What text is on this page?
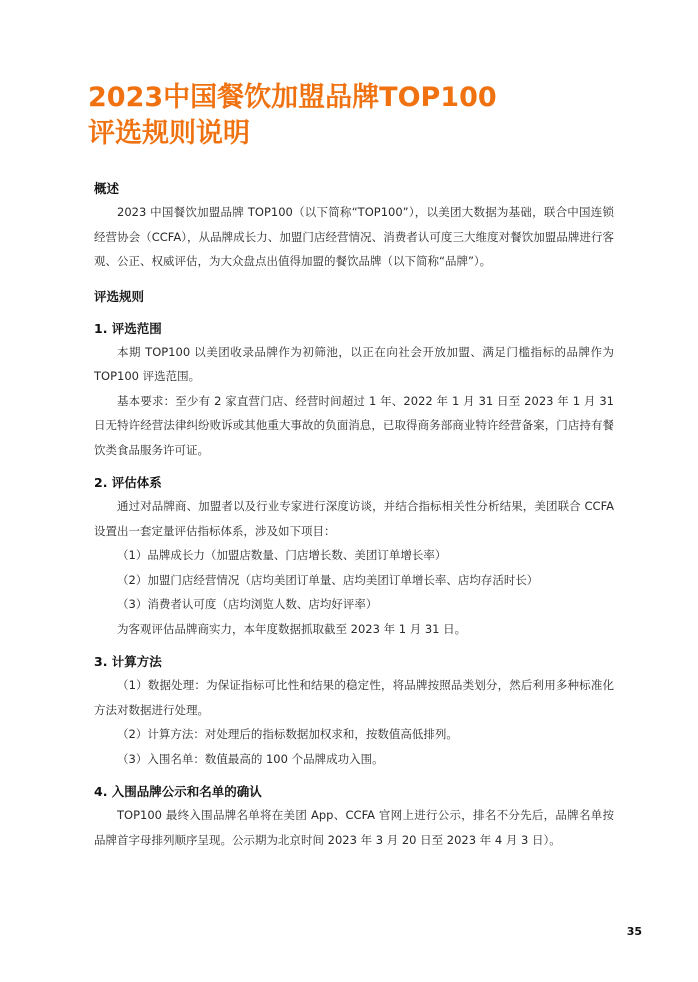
2023中国餐饮加盟品牌TOP100
评选规则说明

概述

2023 中国餐饮加盟品牌 TOP100（以下简称“TOP100”），以美团大数据为基础，联合中国连锁经营协会（CCFA），从品牌成长力、加盟门店经营情况、消费者认可度三大维度对餐饮加盟品牌进行客观、公正、权威评估，为大众盘点出值得加盟的餐饮品牌（以下简称“品牌”）。

评选规则

1. 评选范围

本期 TOP100 以美团收录品牌作为初筛池，以正在向社会开放加盟、满足门槛指标的品牌作为 TOP100 评选范围。

基本要求：至少有 2 家直营门店、经营时间超过 1 年、2022 年 1 月 31 日至 2023 年 1 月 31 日无特许经营法律纠纷败诉或其他重大事故的负面消息，已取得商务部商业特许经营备案，门店持有餐饮类食品服务许可证。

2. 评估体系

通过对品牌商、加盟者以及行业专家进行深度访谈，并结合指标相关性分析结果，美团联合 CCFA 设置出一套定量评估指标体系，涉及如下项目：

（1）品牌成长力（加盟店数量、门店增长数、美团订单增长率）

（2）加盟门店经营情况（店均美团订单量、店均美团订单增长率、店均存活时长）

（3）消费者认可度（店均浏览人数、店均好评率）

为客观评估品牌商实力，本年度数据抓取截至 2023 年 1 月 31 日。

3. 计算方法

（1）数据处理：为保证指标可比性和结果的稳定性，将品牌按照品类划分，然后利用多种标准化方法对数据进行处理。

（2）计算方法：对处理后的指标数据加权求和，按数值高低排列。

（3）入围名单：数值最高的 100 个品牌成功入围。

4. 入围品牌公示和名单的确认

TOP100 最终入围品牌名单将在美团 App、CCFA 官网上进行公示，排名不分先后，品牌名单按品牌首字母排列顺序呈现。公示期为北京时间 2023 年 3 月 20 日至 2023 年 4 月 3 日）。

35
